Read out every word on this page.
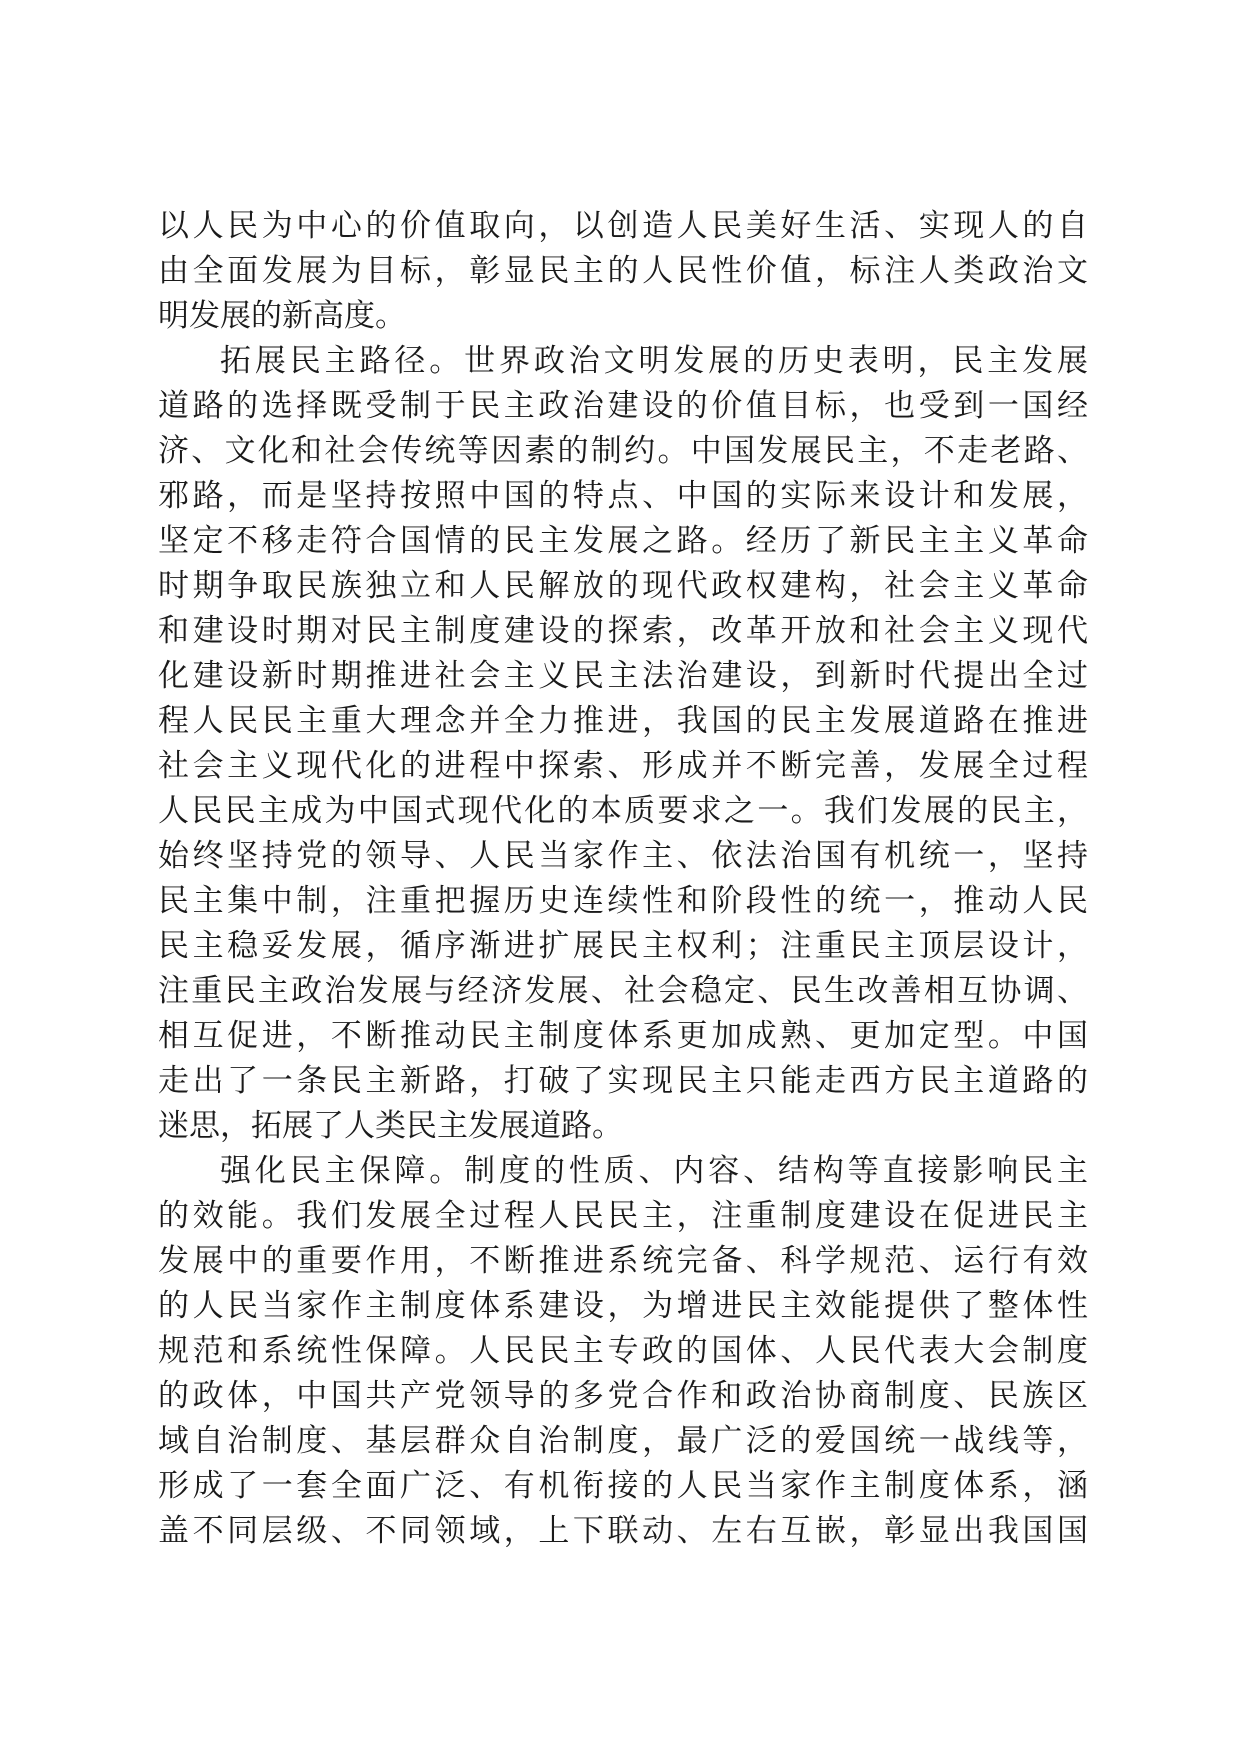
以人民为中心的价值取向，以创造人民美好生活、实现人的自
由全面发展为目标，彰显民主的人民性价值，标注人类政治文
明发展的新高度。
拓展民主路径。世界政治文明发展的历史表明，民主发展
道路的选择既受制于民主政治建设的价值目标，也受到一国经
济、文化和社会传统等因素的制约。中国发展民主，不走老路、
邪路，而是坚持按照中国的特点、中国的实际来设计和发展，
坚定不移走符合国情的民主发展之路。经历了新民主主义革命
时期争取民族独立和人民解放的现代政权建构，社会主义革命
和建设时期对民主制度建设的探索，改革开放和社会主义现代
化建设新时期推进社会主义民主法治建设，到新时代提出全过
程人民民主重大理念并全力推进，我国的民主发展道路在推进
社会主义现代化的进程中探索、形成并不断完善，发展全过程
人民民主成为中国式现代化的本质要求之一。我们发展的民主，
始终坚持党的领导、人民当家作主、依法治国有机统一，坚持
民主集中制，注重把握历史连续性和阶段性的统一，推动人民
民主稳妥发展，循序渐进扩展民主权利；注重民主顶层设计，
注重民主政治发展与经济发展、社会稳定、民生改善相互协调、
相互促进，不断推动民主制度体系更加成熟、更加定型。中国
走出了一条民主新路，打破了实现民主只能走西方民主道路的
迷思，拓展了人类民主发展道路。
强化民主保障。制度的性质、内容、结构等直接影响民主
的效能。我们发展全过程人民民主，注重制度建设在促进民主
发展中的重要作用，不断推进系统完备、科学规范、运行有效
的人民当家作主制度体系建设，为增进民主效能提供了整体性
规范和系统性保障。人民民主专政的国体、人民代表大会制度
的政体，中国共产党领导的多党合作和政治协商制度、民族区
域自治制度、基层群众自治制度，最广泛的爱国统一战线等，
形成了一套全面广泛、有机衔接的人民当家作主制度体系，涵
盖不同层级、不同领域，上下联动、左右互嵌，彰显出我国国
